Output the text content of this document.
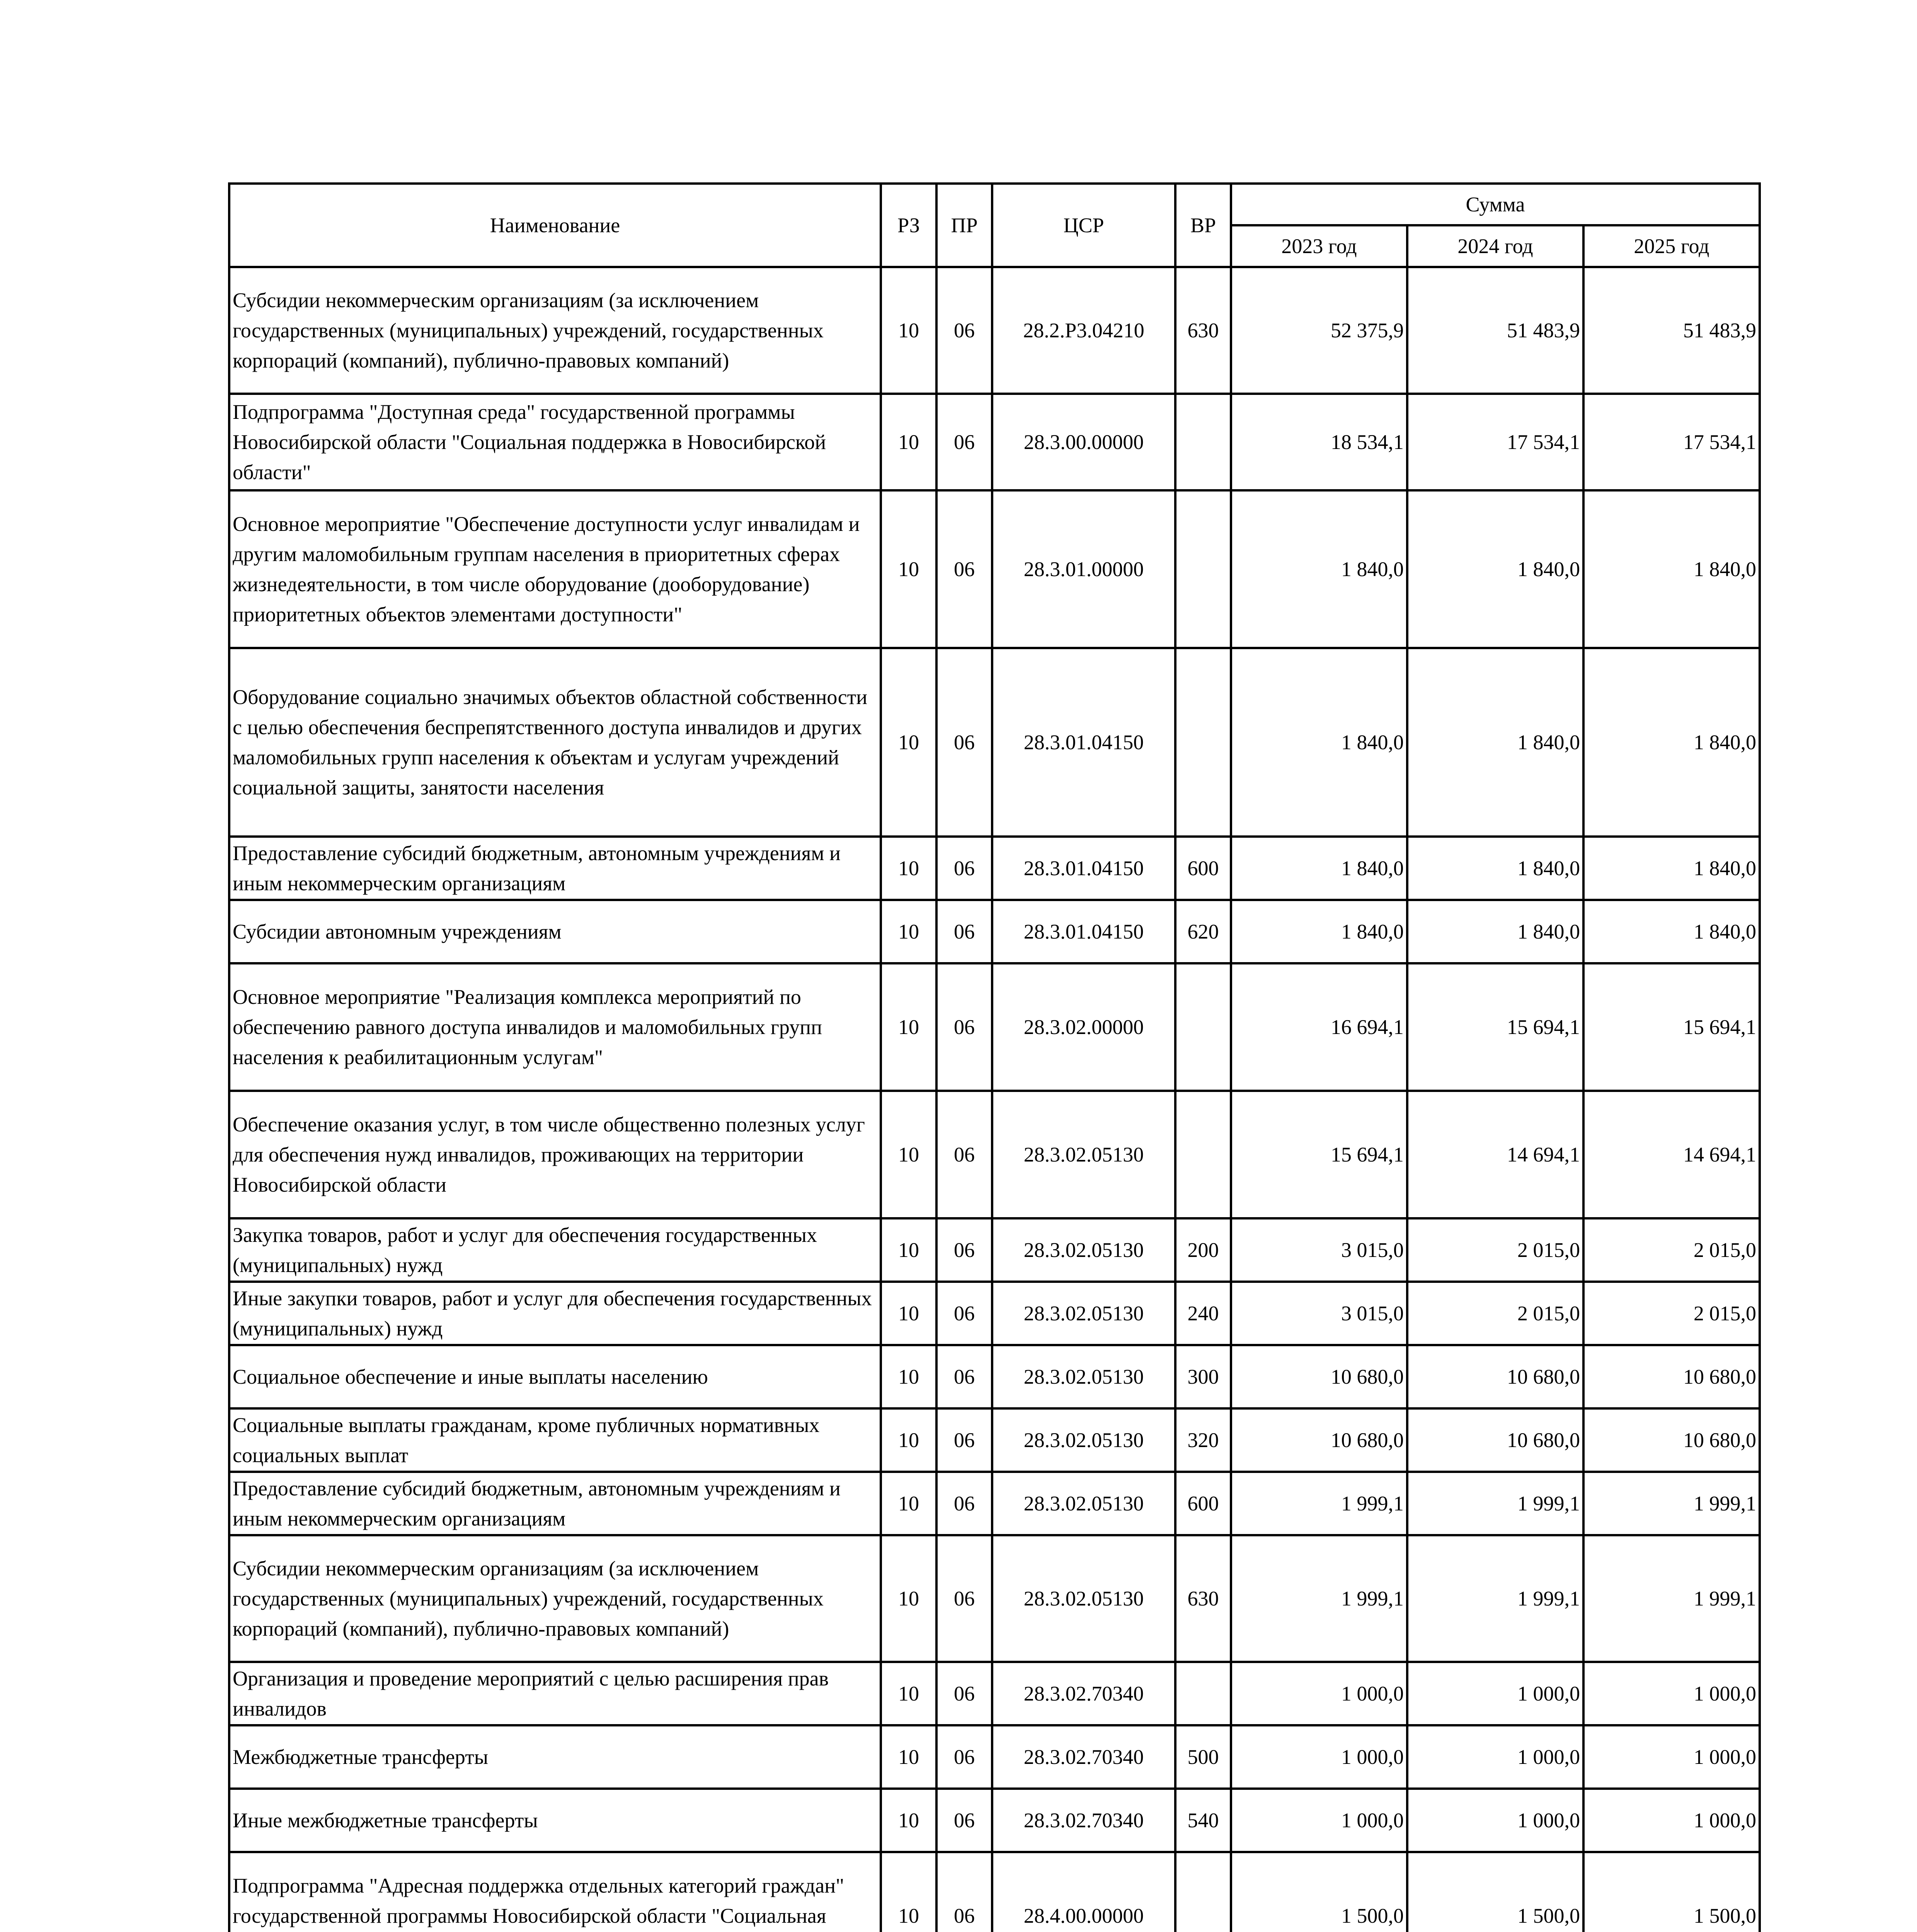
Наименование	РЗ	ПР	ЦСР	ВР	Сумма		
					2023 год	2024 год	2025 год
Субсидии некоммерческим организациям (за исключением государственных (муниципальных) учреждений, государственных корпораций (компаний), публично-правовых компаний)	10	06	28.2.P3.04210	630	52 375,9	51 483,9	51 483,9
Подпрограмма "Доступная среда" государственной программы Новосибирской области "Социальная поддержка в Новосибирской области"	10	06	28.3.00.00000		18 534,1	17 534,1	17 534,1
Основное мероприятие "Обеспечение доступности услуг инвалидам и другим маломобильным группам населения в приоритетных сферах жизнедеятельности, в том числе оборудование (дооборудование) приоритетных объектов элементами доступности"	10	06	28.3.01.00000		1 840,0	1 840,0	1 840,0
Оборудование социально значимых объектов областной собственности с целью обеспечения беспрепятственного доступа инвалидов и других маломобильных групп населения к объектам и услугам учреждений социальной защиты, занятости населения	10	06	28.3.01.04150		1 840,0	1 840,0	1 840,0
Предоставление субсидий бюджетным, автономным учреждениям и иным некоммерческим организациям	10	06	28.3.01.04150	600	1 840,0	1 840,0	1 840,0
Субсидии автономным учреждениям	10	06	28.3.01.04150	620	1 840,0	1 840,0	1 840,0
Основное мероприятие "Реализация комплекса мероприятий по обеспечению равного доступа инвалидов и маломобильных групп населения к реабилитационным услугам"	10	06	28.3.02.00000		16 694,1	15 694,1	15 694,1
Обеспечение оказания услуг, в том числе общественно полезных услуг для обеспечения нужд инвалидов, проживающих на территории Новосибирской области	10	06	28.3.02.05130		15 694,1	14 694,1	14 694,1
Закупка товаров, работ и услуг для обеспечения государственных (муниципальных) нужд	10	06	28.3.02.05130	200	3 015,0	2 015,0	2 015,0
Иные закупки товаров, работ и услуг для обеспечения государственных (муниципальных) нужд	10	06	28.3.02.05130	240	3 015,0	2 015,0	2 015,0
Социальное обеспечение и иные выплаты населению	10	06	28.3.02.05130	300	10 680,0	10 680,0	10 680,0
Социальные выплаты гражданам, кроме публичных нормативных социальных выплат	10	06	28.3.02.05130	320	10 680,0	10 680,0	10 680,0
Предоставление субсидий бюджетным, автономным учреждениям и иным некоммерческим организациям	10	06	28.3.02.05130	600	1 999,1	1 999,1	1 999,1
Субсидии некоммерческим организациям (за исключением государственных (муниципальных) учреждений, государственных корпораций (компаний), публично-правовых компаний)	10	06	28.3.02.05130	630	1 999,1	1 999,1	1 999,1
Организация и проведение мероприятий с целью расширения прав инвалидов	10	06	28.3.02.70340		1 000,0	1 000,0	1 000,0
Межбюджетные трансферты	10	06	28.3.02.70340	500	1 000,0	1 000,0	1 000,0
Иные межбюджетные трансферты	10	06	28.3.02.70340	540	1 000,0	1 000,0	1 000,0
Подпрограмма "Адресная поддержка отдельных категорий граждан" государственной программы Новосибирской области "Социальная	10	06	28.4.00.00000		1 500,0	1 500,0	1 500,0
